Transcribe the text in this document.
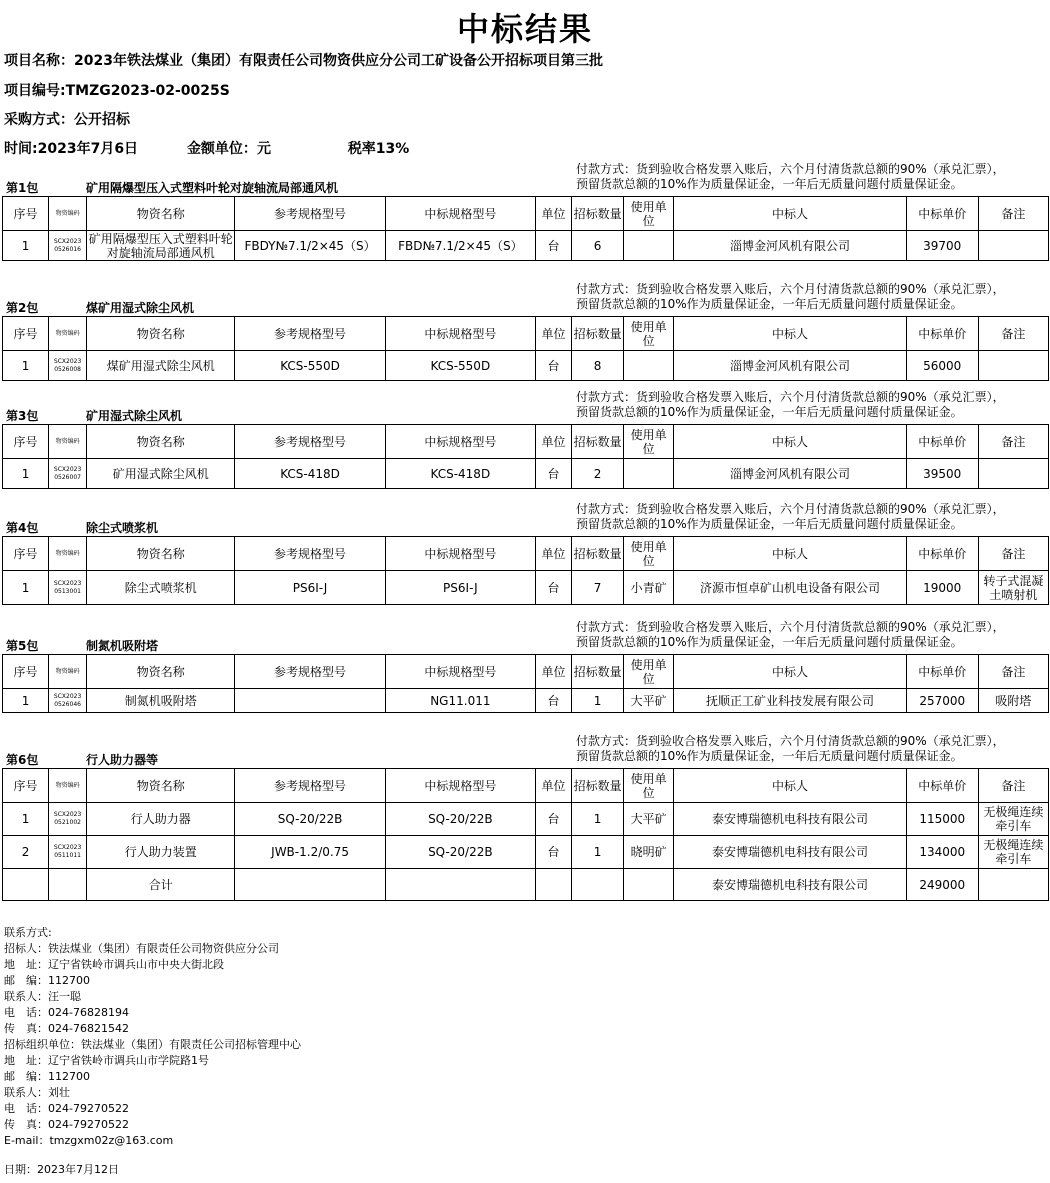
中标结果
项目名称：2023年铁法煤业（集团）有限责任公司物资供应分公司工矿设备公开招标项目第三批
项目编号:TMZG2023-02-0025S
采购方式：公开招标
时间:2023年7月6日	金额单位：元	税率13%
付款方式：货到验收合格发票入账后，六个月付清货款总额的90%（承兑汇票），
预留货款总额的10%作为质量保证金，一年后无质量问题付质量保证金。
第1包	矿用隔爆型压入式塑料叶轮对旋轴流局部通风机
序号	物资编码	物资名称	参考规格型号	中标规格型号	单位	招标数量	使用单位	中标人	中标单价	备注
1	SCX2023 0526016	矿用隔爆型压入式塑料叶轮对旋轴流局部通风机	FBDY№7.1/2×45（S）	FBD№7.1/2×45（S）	台	6		淄博金河风机有限公司	39700	
付款方式：货到验收合格发票入账后，六个月付清货款总额的90%（承兑汇票），
预留货款总额的10%作为质量保证金，一年后无质量问题付质量保证金。
第2包	煤矿用湿式除尘风机
序号	物资编码	物资名称	参考规格型号	中标规格型号	单位	招标数量	使用单位	中标人	中标单价	备注
1	SCX2023 0526008	煤矿用湿式除尘风机	KCS-550D	KCS-550D	台	8		淄博金河风机有限公司	56000	
付款方式：货到验收合格发票入账后，六个月付清货款总额的90%（承兑汇票），
预留货款总额的10%作为质量保证金，一年后无质量问题付质量保证金。
第3包	矿用湿式除尘风机
序号	物资编码	物资名称	参考规格型号	中标规格型号	单位	招标数量	使用单位	中标人	中标单价	备注
1	SCX2023 0526007	矿用湿式除尘风机	KCS-418D	KCS-418D	台	2		淄博金河风机有限公司	39500	
付款方式：货到验收合格发票入账后，六个月付清货款总额的90%（承兑汇票），
预留货款总额的10%作为质量保证金，一年后无质量问题付质量保证金。
第4包	除尘式喷浆机
序号	物资编码	物资名称	参考规格型号	中标规格型号	单位	招标数量	使用单位	中标人	中标单价	备注
1	SCX2023 0513001	除尘式喷浆机	PS6I-J	PS6I-J	台	7	小青矿	济源市恒卓矿山机电设备有限公司	19000	转子式混凝土喷射机
付款方式：货到验收合格发票入账后，六个月付清货款总额的90%（承兑汇票），
预留货款总额的10%作为质量保证金，一年后无质量问题付质量保证金。
第5包	制氮机吸附塔
序号	物资编码	物资名称	参考规格型号	中标规格型号	单位	招标数量	使用单位	中标人	中标单价	备注
1	SCX2023 0526046	制氮机吸附塔		NG11.011	台	1	大平矿	抚顺正工矿业科技发展有限公司	257000	吸附塔
付款方式：货到验收合格发票入账后，六个月付清货款总额的90%（承兑汇票），
预留货款总额的10%作为质量保证金，一年后无质量问题付质量保证金。
第6包	行人助力器等
序号	物资编码	物资名称	参考规格型号	中标规格型号	单位	招标数量	使用单位	中标人	中标单价	备注
1	SCX2023 0521002	行人助力器	SQ-20/22B	SQ-20/22B	台	1	大平矿	泰安博瑞德机电科技有限公司	115000	无极绳连续牵引车
2	SCX2023 0511011	行人助力装置	JWB-1.2/0.75	SQ-20/22B	台	1	晓明矿	泰安博瑞德机电科技有限公司	134000	无极绳连续牵引车
		合计						泰安博瑞德机电科技有限公司	249000	
联系方式:
招标人：铁法煤业（集团）有限责任公司物资供应分公司
地　址：辽宁省铁岭市调兵山市中央大街北段
邮　编：112700
联系人：汪一聪
电　话：024-76828194
传　真：024-76821542
招标组织单位：铁法煤业（集团）有限责任公司招标管理中心
地　址：辽宁省铁岭市调兵山市学院路1号
邮　编：112700
联系人：刘壮
电　话：024-79270522
传　真：024-79270522
E-mail：tmzgxm02z@163.com
日期：2023年7月12日
